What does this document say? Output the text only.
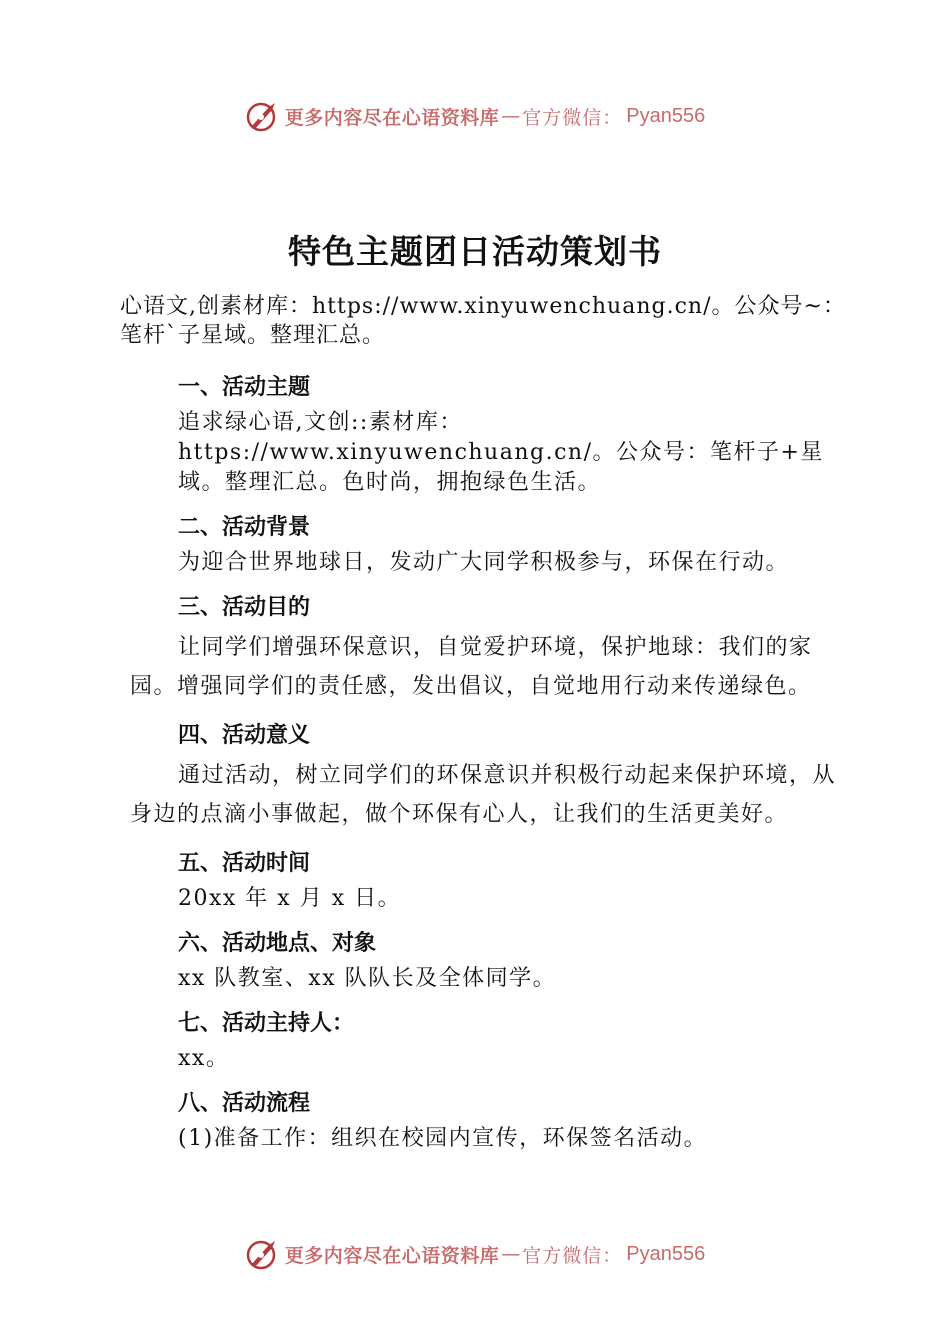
更多内容尽在心语资料库 — 官方微信： Pyan556
特色主题团日活动策划书
心语文,创素材库：https://www.xinyuwenchuang.cn/。公众号~：笔杆`子星域。整理汇总。
一、活动主题
追求绿心语,文创::素材库：https://www.xinyuwenchuang.cn/。公众号：笔杆子+星域。整理汇总。色时尚，拥抱绿色生活。
二、活动背景
为迎合世界地球日，发动广大同学积极参与，环保在行动。
三、活动目的
让同学们增强环保意识，自觉爱护环境，保护地球：我们的家园。增强同学们的责任感，发出倡议，自觉地用行动来传递绿色。
四、活动意义
通过活动，树立同学们的环保意识并积极行动起来保护环境，从身边的点滴小事做起，做个环保有心人，让我们的生活更美好。
五、活动时间
20xx 年 x 月 x 日。
六、活动地点、对象
xx 队教室、xx 队队长及全体同学。
七、活动主持人：
xx。
八、活动流程
(1)准备工作：组织在校园内宣传，环保签名活动。
更多内容尽在心语资料库 — 官方微信： Pyan556
